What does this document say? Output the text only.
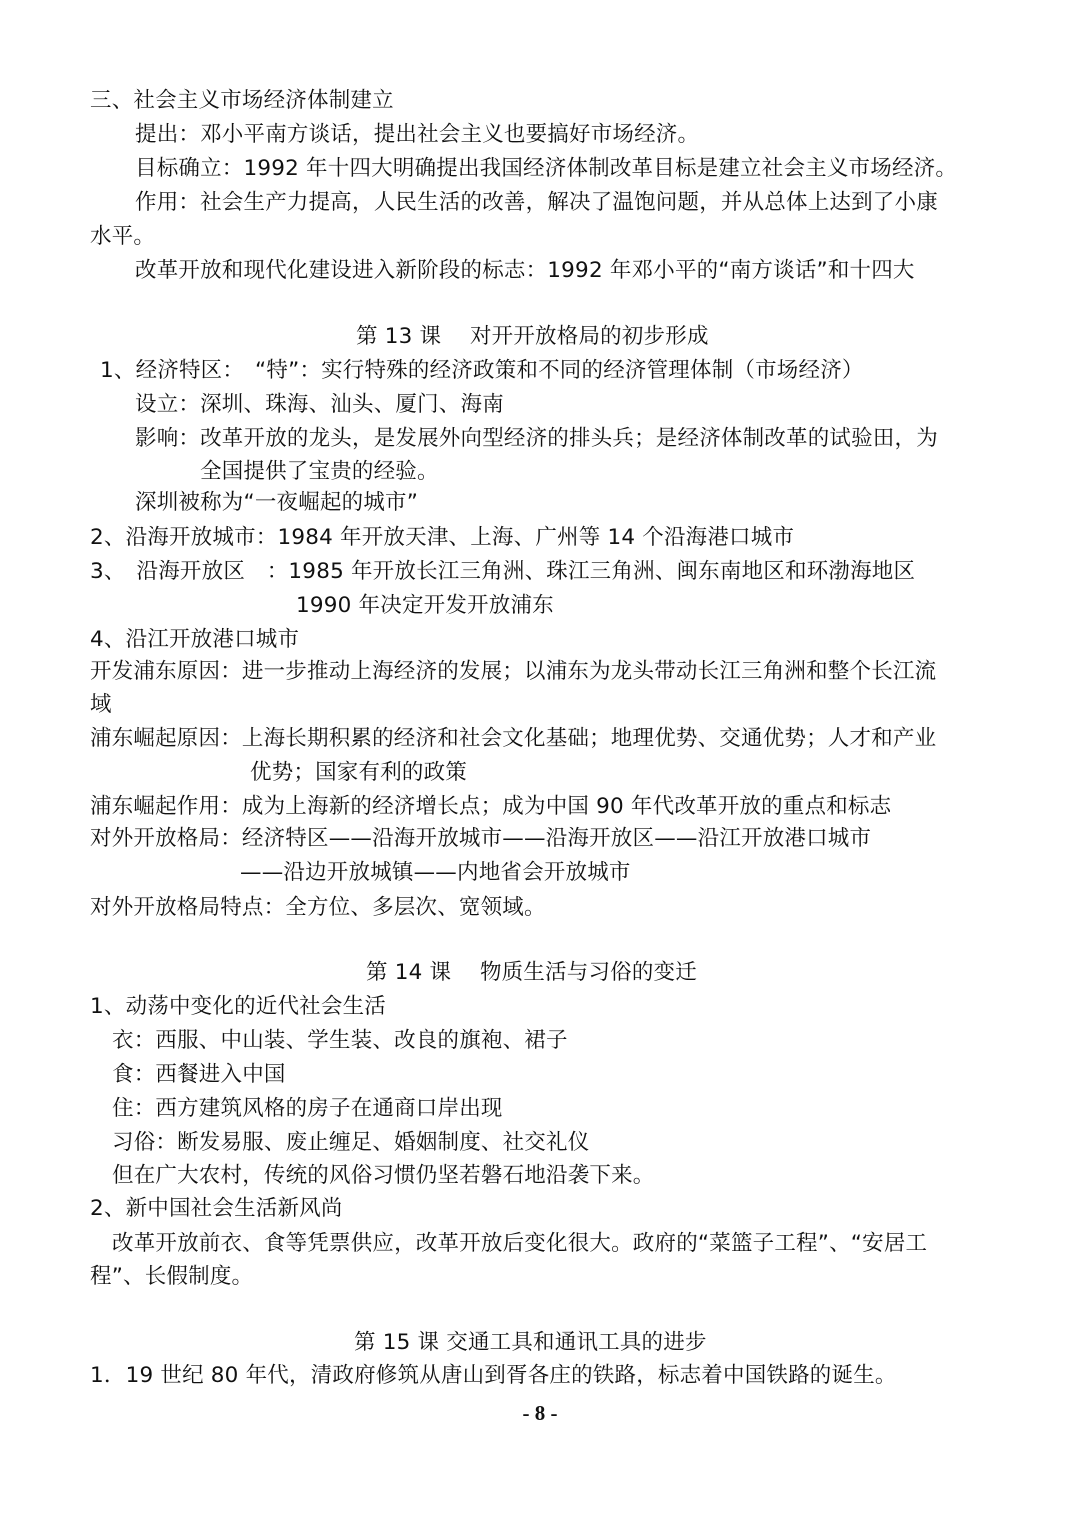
三、社会主义市场经济体制建立
提出：邓小平南方谈话，提出社会主义也要搞好市场经济。
目标确立：1992 年十四大明确提出我国经济体制改革目标是建立社会主义市场经济。
作用：社会生产力提高，人民生活的改善，解决了温饱问题，并从总体上达到了小康
水平。
改革开放和现代化建设进入新阶段的标志：1992 年邓小平的“南方谈话”和十四大
第 13 课　 对开开放格局的初步形成
1、经济特区：　“特”：实行特殊的经济政策和不同的经济管理体制（市场经济）
设立：深圳、珠海、汕头、厦门、海南
影响：改革开放的龙头，是发展外向型经济的排头兵；是经济体制改革的试验田，为
全国提供了宝贵的经验。
深圳被称为“一夜崛起的城市”
2、沿海开放城市：1984 年开放天津、上海、广州等 14 个沿海港口城市
3、　沿海开放区　：1985 年开放长江三角洲、珠江三角洲、闽东南地区和环渤海地区
1990 年决定开发开放浦东
4、沿江开放港口城市
开发浦东原因：进一步推动上海经济的发展；以浦东为龙头带动长江三角洲和整个长江流
域
浦东崛起原因：上海长期积累的经济和社会文化基础；地理优势、交通优势；人才和产业
优势；国家有利的政策
浦东崛起作用：成为上海新的经济增长点；成为中国 90 年代改革开放的重点和标志
对外开放格局：经济特区——沿海开放城市——沿海开放区——沿江开放港口城市
——沿边开放城镇——内地省会开放城市
对外开放格局特点：全方位、多层次、宽领域。
第 14 课　 物质生活与习俗的变迁
1、动荡中变化的近代社会生活
衣：西服、中山装、学生装、改良的旗袍、裙子
食：西餐进入中国
住：西方建筑风格的房子在通商口岸出现
习俗：断发易服、废止缠足、婚姻制度、社交礼仪
但在广大农村，传统的风俗习惯仍坚若磐石地沿袭下来。
2、新中国社会生活新风尚
改革开放前衣、食等凭票供应，改革开放后变化很大。政府的“菜篮子工程”、“安居工
程”、长假制度。
第 15 课 交通工具和通讯工具的进步
1．19 世纪 80 年代，清政府修筑从唐山到胥各庄的铁路，标志着中国铁路的诞生。
- 8 -
